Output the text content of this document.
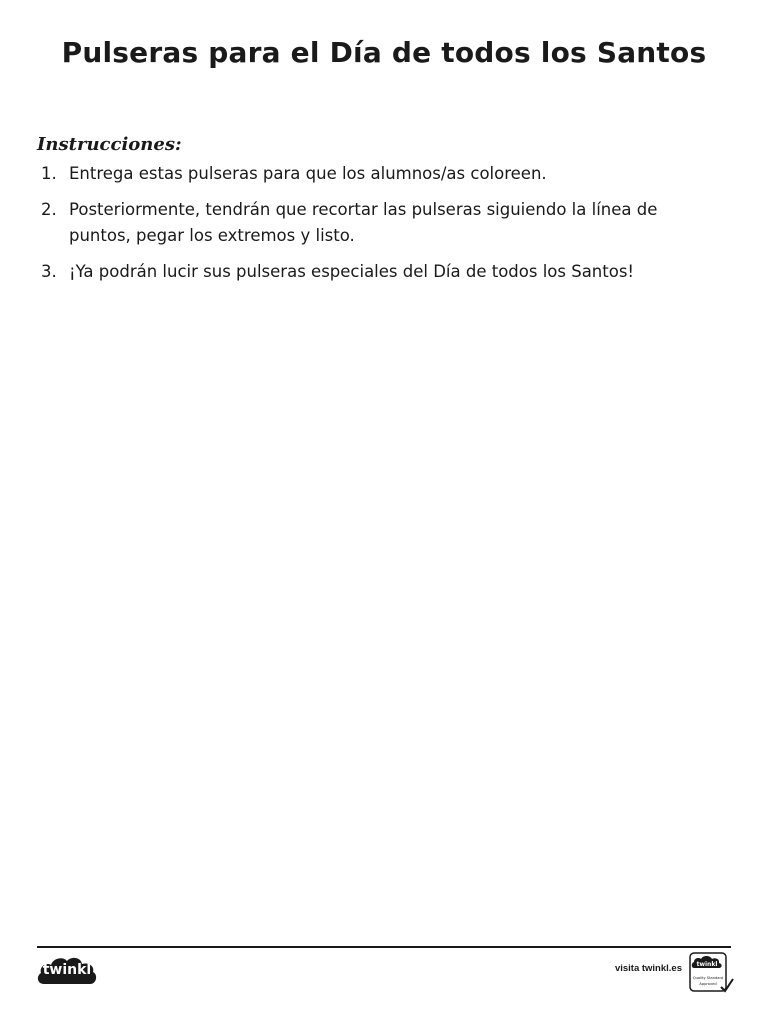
Pulseras para el Día de todos los Santos
Instrucciones:
1. Entrega estas pulseras para que los alumnos/as coloreen.
2. Posteriormente, tendrán que recortar las pulseras siguiendo la línea de puntos, pegar los extremos y listo.
3. ¡Ya podrán lucir sus pulseras especiales del Día de todos los Santos!
twinkl	visita twinkl.es twinkl
Quality Standard
Approved
